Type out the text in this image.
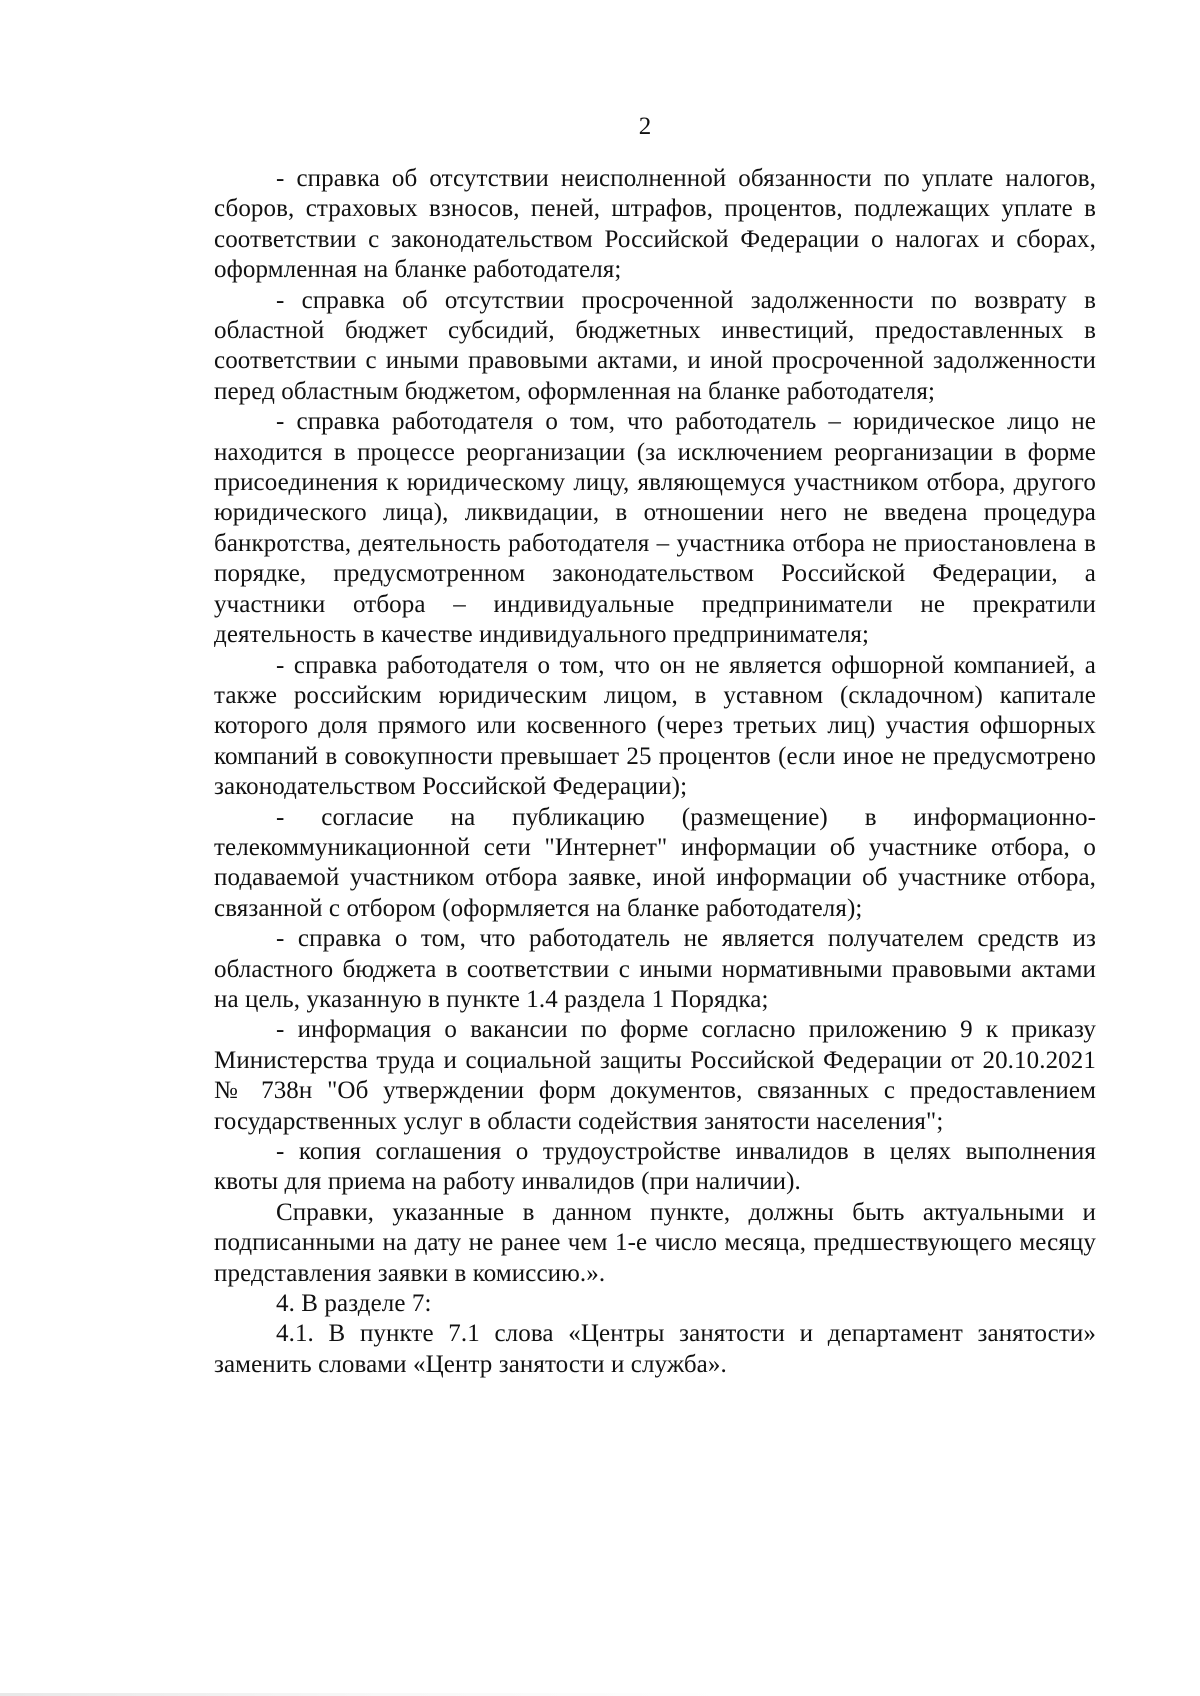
2

- справка об отсутствии неисполненной обязанности по уплате налогов, сборов, страховых взносов, пеней, штрафов, процентов, подлежащих уплате в соответствии с законодательством Российской Федерации о налогах и сборах, оформленная на бланке работодателя;

- справка об отсутствии просроченной задолженности по возврату в областной бюджет субсидий, бюджетных инвестиций, предоставленных в соответствии с иными правовыми актами, и иной просроченной задолженности перед областным бюджетом, оформленная на бланке работодателя;

- справка работодателя о том, что работодатель – юридическое лицо не находится в процессе реорганизации (за исключением реорганизации в форме присоединения к юридическому лицу, являющемуся участником отбора, другого юридического лица), ликвидации, в отношении него не введена процедура банкротства, деятельность работодателя – участника отбора не приостановлена в порядке, предусмотренном законодательством Российской Федерации, а участники отбора – индивидуальные предприниматели не прекратили деятельность в качестве индивидуального предпринимателя;

- справка работодателя о том, что он не является офшорной компанией, а также российским юридическим лицом, в уставном (складочном) капитале которого доля прямого или косвенного (через третьих лиц) участия офшорных компаний в совокупности превышает 25 процентов (если иное не предусмотрено законодательством Российской Федерации);

- согласие на публикацию (размещение) в информационно-телекоммуникационной сети "Интернет" информации об участнике отбора, о подаваемой участником отбора заявке, иной информации об участнике отбора, связанной с отбором (оформляется на бланке работодателя);

- справка о том, что работодатель не является получателем средств из областного бюджета в соответствии с иными нормативными правовыми актами на цель, указанную в пункте 1.4 раздела 1 Порядка;

- информация о вакансии по форме согласно приложению 9 к приказу Министерства труда и социальной защиты Российской Федерации от 20.10.2021 № 738н "Об утверждении форм документов, связанных с предоставлением государственных услуг в области содействия занятости населения";

- копия соглашения о трудоустройстве инвалидов в целях выполнения квоты для приема на работу инвалидов (при наличии).

Справки, указанные в данном пункте, должны быть актуальными и подписанными на дату не ранее чем 1-е число месяца, предшествующего месяцу представления заявки в комиссию.».

4. В разделе 7:

4.1. В пункте 7.1 слова «Центры занятости и департамент занятости» заменить словами «Центр занятости и служба».
